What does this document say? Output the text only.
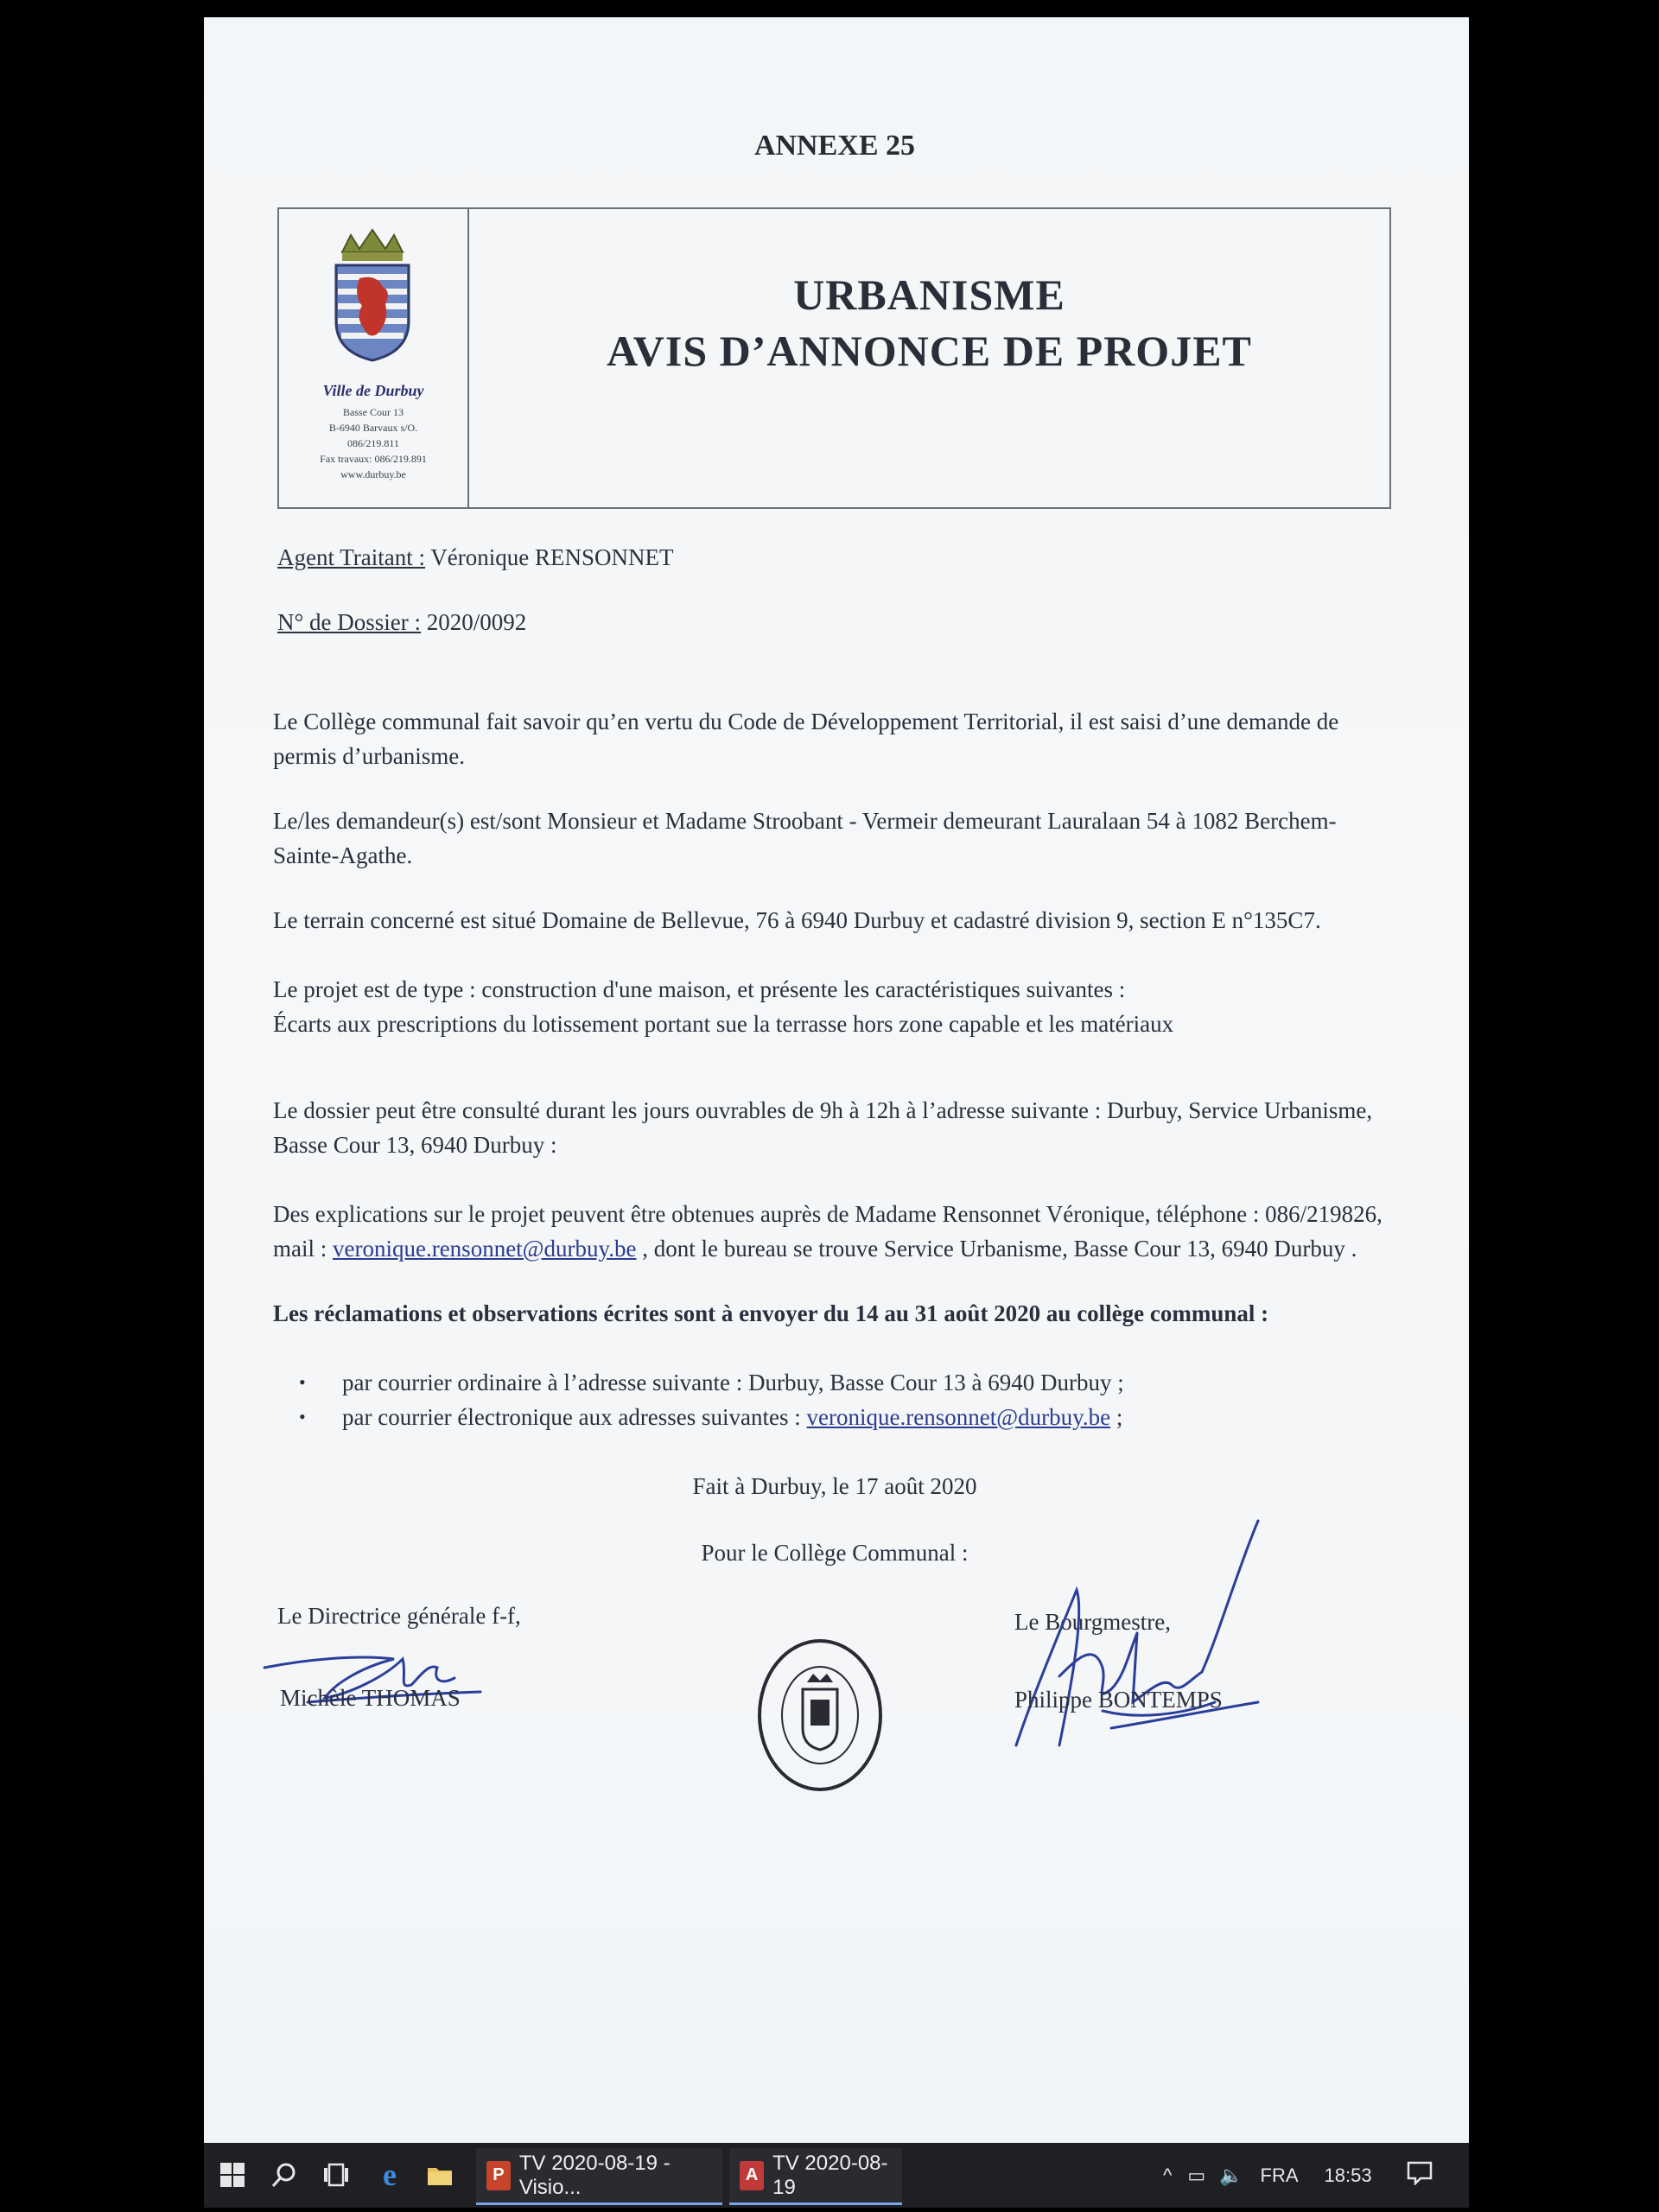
ANNEXE 25
Ville de Durbuy
Basse Cour 13
B-6940 Barvaux s/O.
086/219.811
Fax travaux: 086/219.891
www.durbuy.be
URBANISME
AVIS D’ANNONCE DE PROJET
Agent Traitant : Véronique RENSONNET
N° de Dossier : 2020/0092
Le Collège communal fait savoir qu’en vertu du Code de Développement Territorial, il est saisi d’une demande de permis d’urbanisme.
Le/les demandeur(s) est/sont Monsieur et Madame Stroobant - Vermeir demeurant Lauralaan 54 à 1082 Berchem-Sainte-Agathe.
Le terrain concerné est situé Domaine de Bellevue, 76 à 6940 Durbuy et cadastré division 9, section E n°135C7.
Le projet est de type : construction d'une maison, et présente les caractéristiques suivantes :
Écarts aux prescriptions du lotissement portant sue la terrasse hors zone capable et les matériaux
Le dossier peut être consulté durant les jours ouvrables de 9h à 12h à l’adresse suivante : Durbuy, Service Urbanisme, Basse Cour 13, 6940 Durbuy :
Des explications sur le projet peuvent être obtenues auprès de Madame Rensonnet Véronique, téléphone : 086/219826, mail : veronique.rensonnet@durbuy.be , dont le bureau se trouve Service Urbanisme, Basse Cour 13, 6940 Durbuy .
Les réclamations et observations écrites sont à envoyer du 14 au 31 août 2020 au collège communal :
• par courrier ordinaire à l’adresse suivante : Durbuy, Basse Cour 13 à 6940 Durbuy ;
• par courrier électronique aux adresses suivantes : veronique.rensonnet@durbuy.be ;
Fait à Durbuy, le 17 août 2020
Pour le Collège Communal :
Le Directrice générale f-f,
Michèle THOMAS
Le Bourgmestre,
Philippe BONTEMPS
e	P
TV 2020-08-19 - Visio...
A
TV 2020-08-19
^ ▭ 🔈 FRA 18:53
